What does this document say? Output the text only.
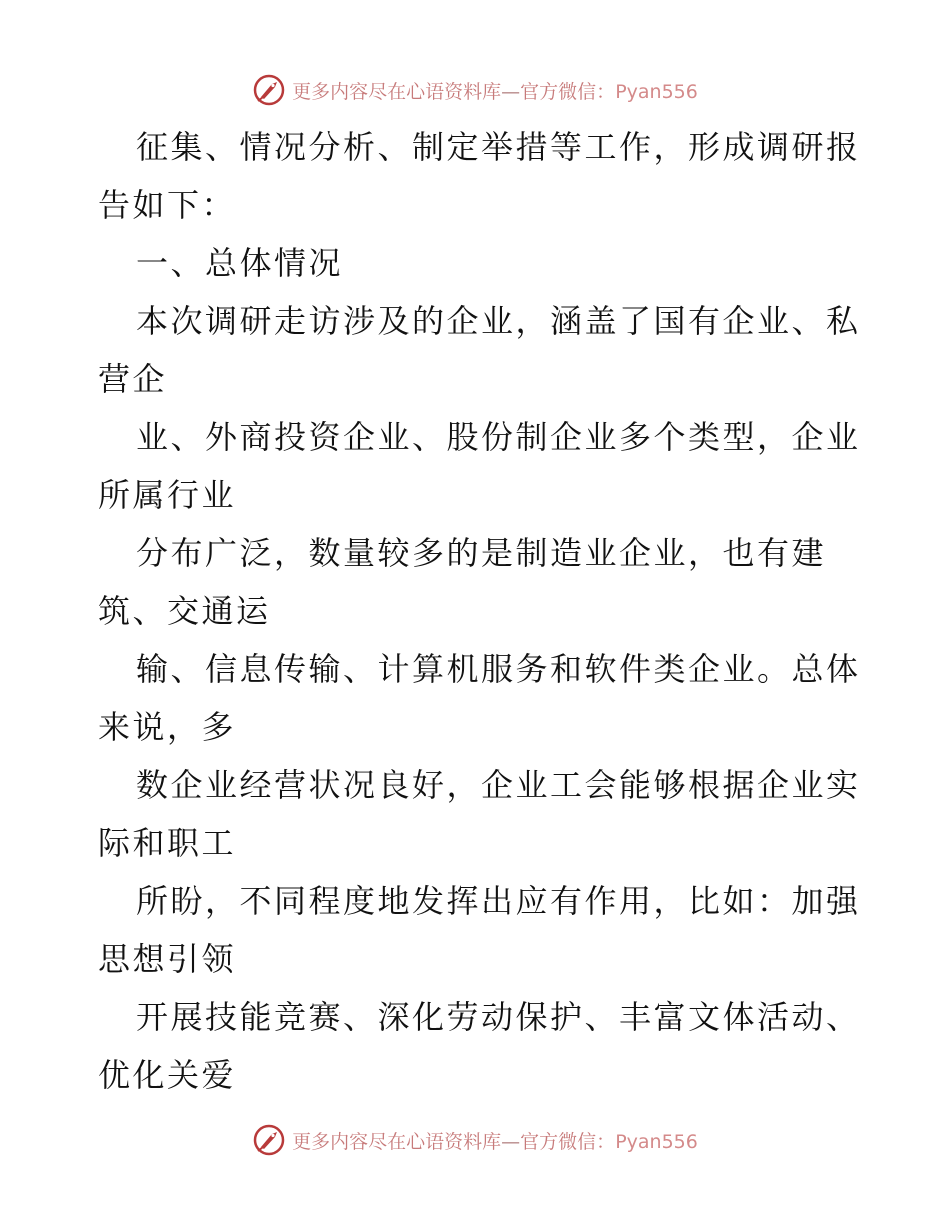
更多内容尽在心语资料库—官方微信：Pyan556
征集、情况分析、制定举措等工作，形成调研报
告如下：
一、总体情况
本次调研走访涉及的企业，涵盖了国有企业、私
营企
业、外商投资企业、股份制企业多个类型，企业
所属行业
分布广泛，数量较多的是制造业企业，也有建
筑、交通运
输、信息传输、计算机服务和软件类企业。总体
来说，多
数企业经营状况良好，企业工会能够根据企业实
际和职工
所盼，不同程度地发挥出应有作用，比如：加强
思想引领
开展技能竞赛、深化劳动保护、丰富文体活动、
优化关爱
更多内容尽在心语资料库—官方微信：Pyan556
